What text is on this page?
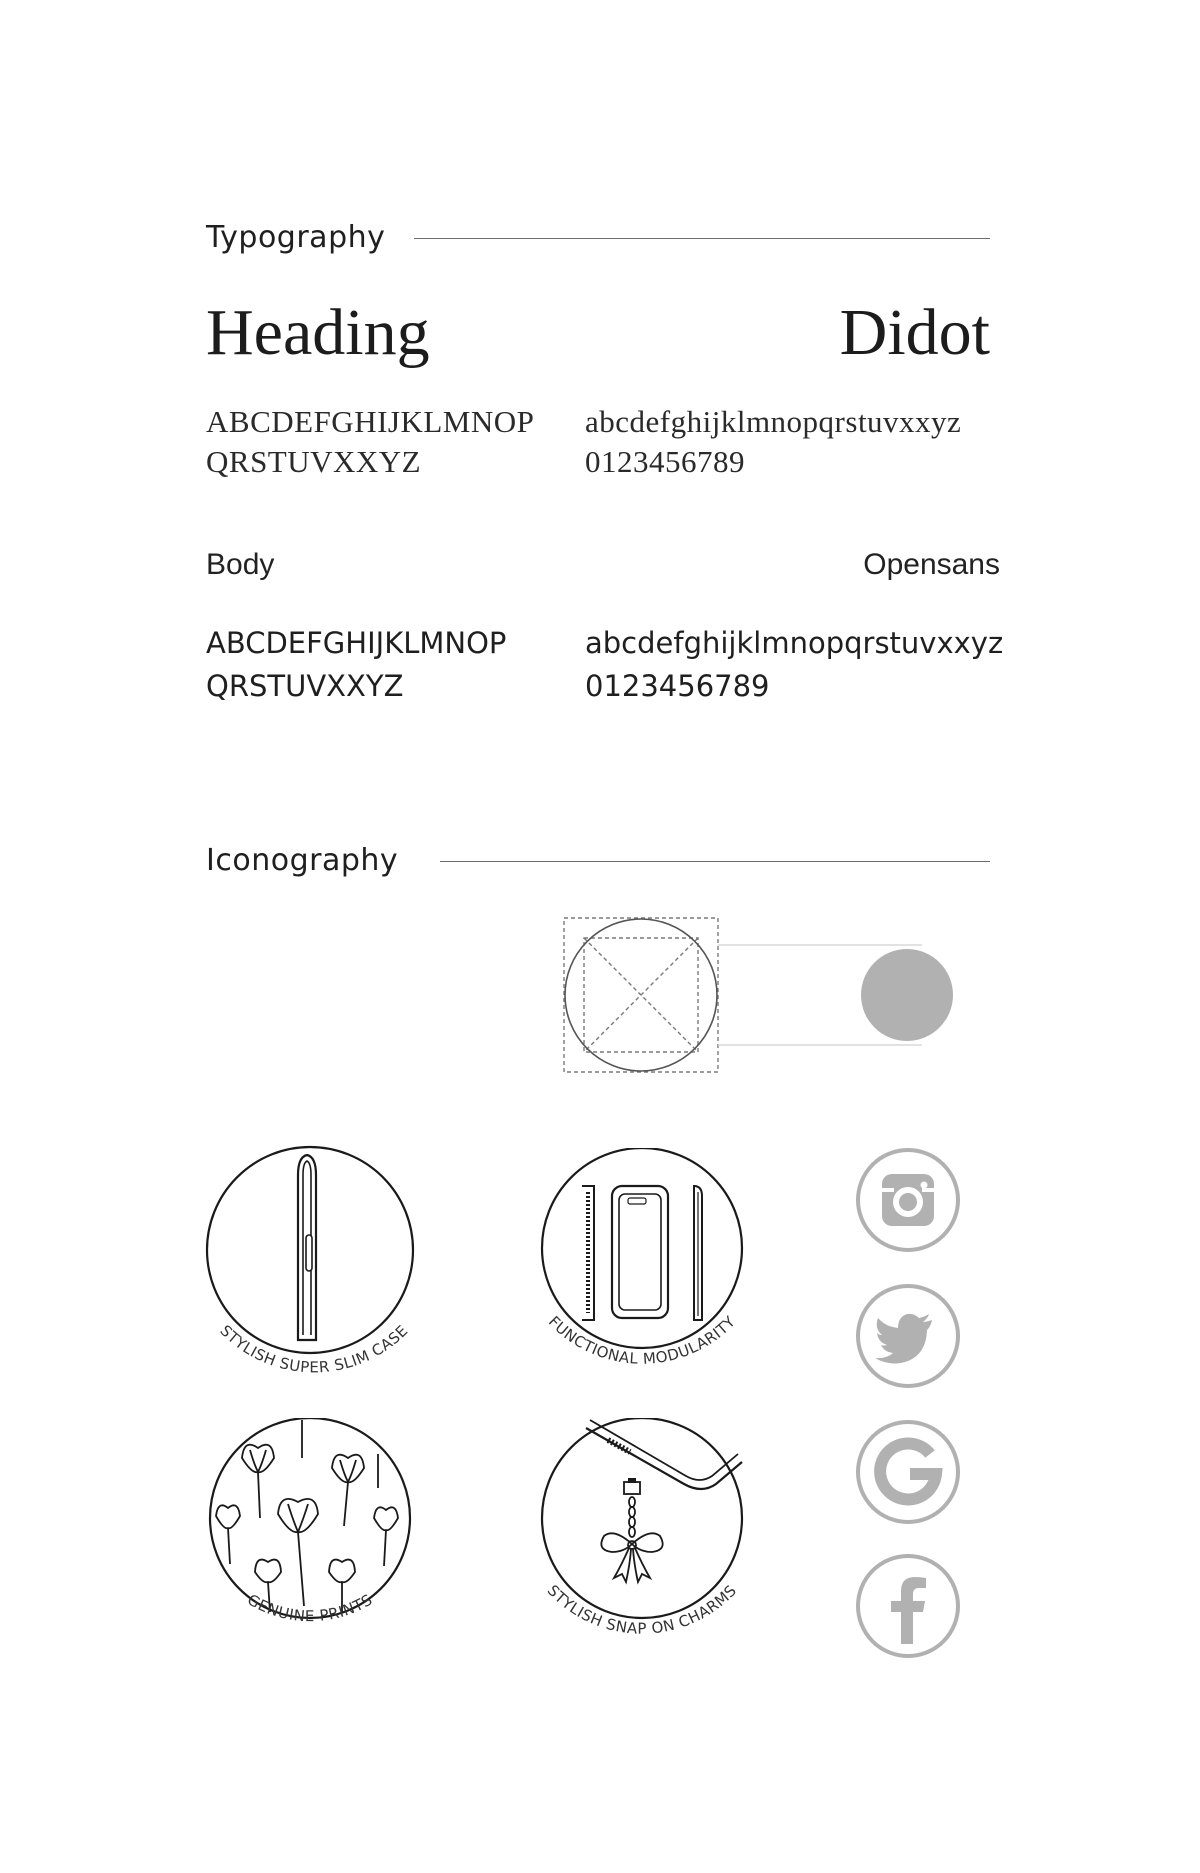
Typography
Heading	Didot
ABCDEFGHIJKLMNOP
QRSTUVXXYZ
abcdefghijklmnopqrstuvxxyz
0123456789
Body	Opensans
ABCDEFGHIJKLMNOP
QRSTUVXXYZ
abcdefghijklmnopqrstuvxxyz
0123456789
Iconography
STYLISH SUPER SLIM CASE	FUNCTIONAL MODULARITY
GENUINE PRINTS	STYLISH SNAP ON CHARMS
